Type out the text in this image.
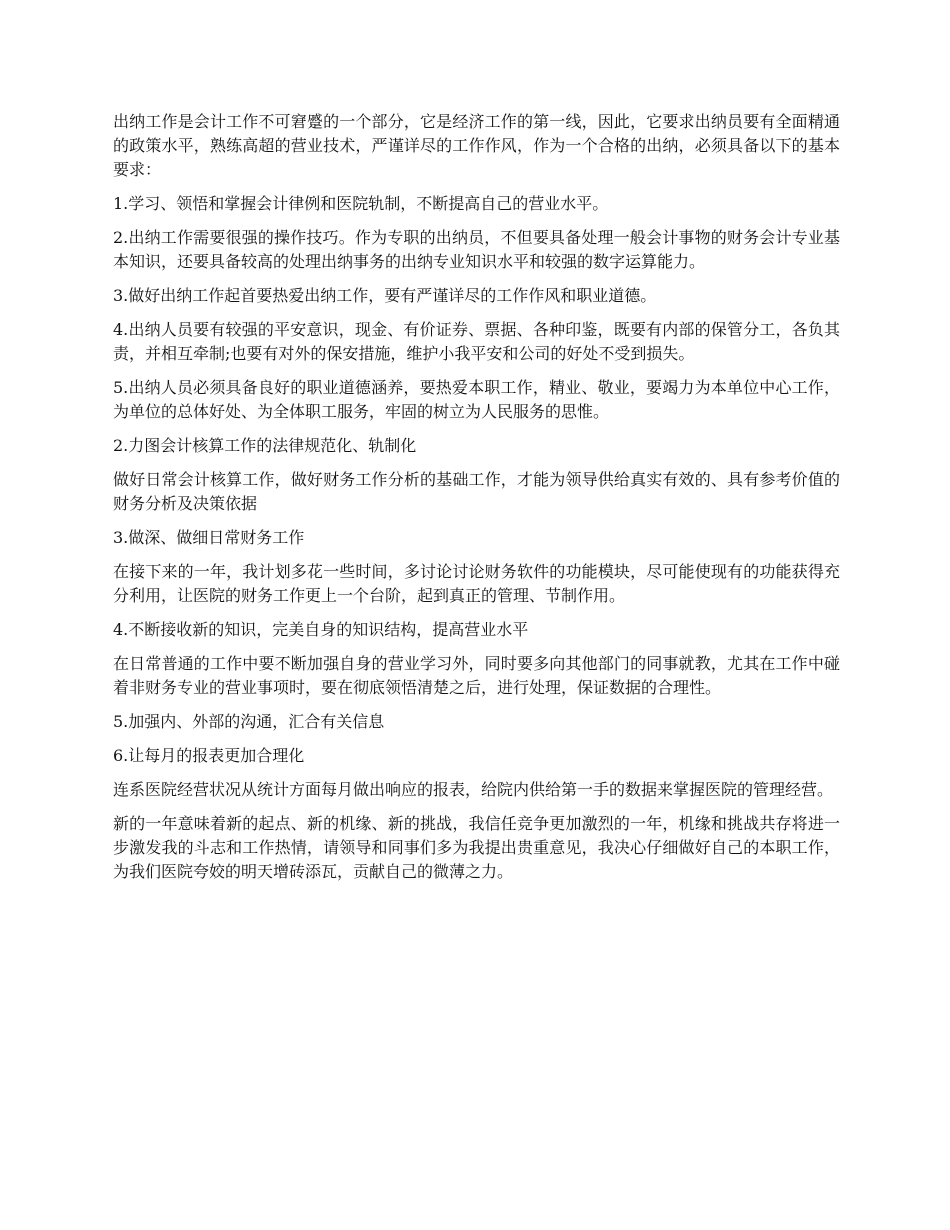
出纳工作是会计工作不可窘蹙的一个部分，它是经济工作的第一线，因此，它要求出纳员要有全面精通的政策水平，熟练高超的营业技术，严谨详尽的工作作风，作为一个合格的出纳，必须具备以下的基本要求：

1.学习、领悟和掌握会计律例和医院轨制，不断提高自己的营业水平。

2.出纳工作需要很强的操作技巧。作为专职的出纳员，不但要具备处理一般会计事物的财务会计专业基本知识，还要具备较高的处理出纳事务的出纳专业知识水平和较强的数字运算能力。

3.做好出纳工作起首要热爱出纳工作，要有严谨详尽的工作作风和职业道德。

4.出纳人员要有较强的平安意识，现金、有价证券、票据、各种印鉴，既要有内部的保管分工，各负其责，并相互牵制;也要有对外的保安措施，维护小我平安和公司的好处不受到损失。

5.出纳人员必须具备良好的职业道德涵养，要热爱本职工作，精业、敬业，要竭力为本单位中心工作，为单位的总体好处、为全体职工服务，牢固的树立为人民服务的思惟。

2.力图会计核算工作的法律规范化、轨制化

做好日常会计核算工作，做好财务工作分析的基础工作，才能为领导供给真实有效的、具有参考价值的财务分析及决策依据

3.做深、做细日常财务工作

在接下来的一年，我计划多花一些时间，多讨论讨论财务软件的功能模块，尽可能使现有的功能获得充分利用，让医院的财务工作更上一个台阶，起到真正的管理、节制作用。

4.不断接收新的知识，完美自身的知识结构，提高营业水平

在日常普通的工作中要不断加强自身的营业学习外，同时要多向其他部门的同事就教，尤其在工作中碰着非财务专业的营业事项时，要在彻底领悟清楚之后，进行处理，保证数据的合理性。

5.加强内、外部的沟通，汇合有关信息

6.让每月的报表更加合理化

连系医院经营状况从统计方面每月做出响应的报表，给院内供给第一手的数据来掌握医院的管理经营。

新的一年意味着新的起点、新的机缘、新的挑战，我信任竞争更加激烈的一年，机缘和挑战共存将进一步激发我的斗志和工作热情，请领导和同事们多为我提出贵重意见，我决心仔细做好自己的本职工作，为我们医院夸姣的明天增砖添瓦，贡献自己的微薄之力。
